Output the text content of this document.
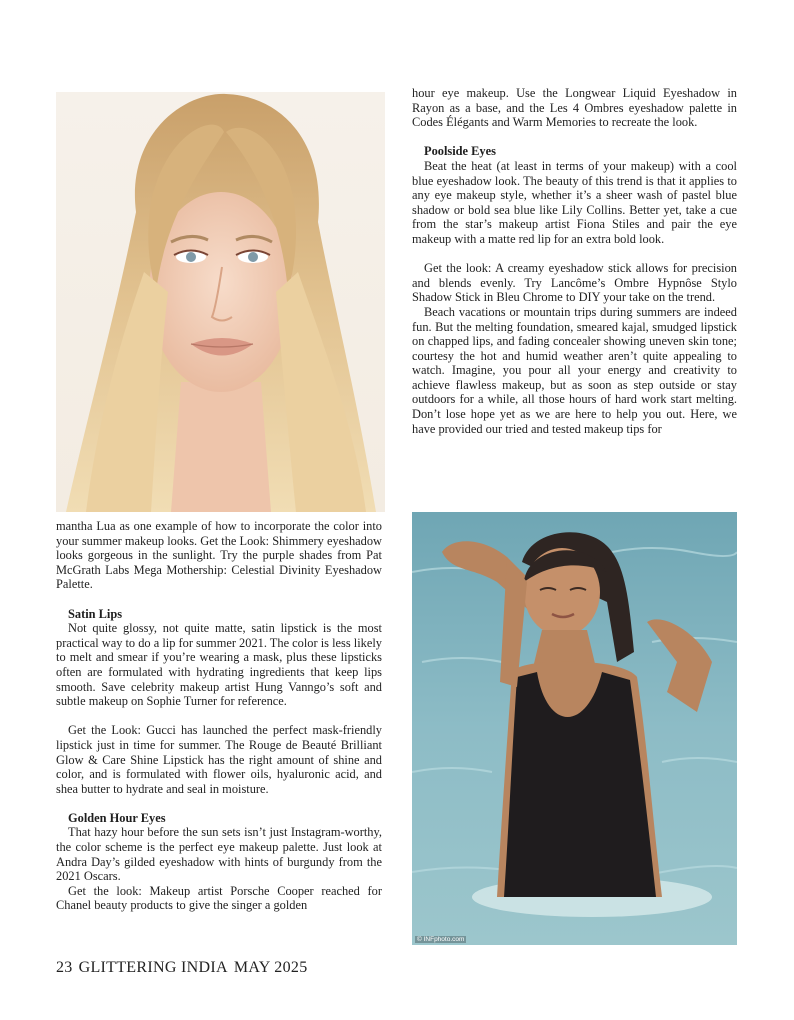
mantha Lua as one example of how to incorporate the color into your summer makeup looks. Get the Look: Shimmery eyeshadow looks gorgeous in the sunlight. Try the purple shades from Pat McGrath Labs Mega Mothership: Celestial Divinity Eyeshadow Palette.

Satin Lips

Not quite glossy, not quite matte, satin lipstick is the most practical way to do a lip for summer 2021. The color is less likely to melt and smear if you’re wearing a mask, plus these lipsticks often are formulated with hydrating ingredients that keep lips smooth. Save celebrity makeup artist Hung Vanngo’s soft and subtle makeup on Sophie Turner for reference.

Get the Look: Gucci has launched the perfect mask-friendly lipstick just in time for summer. The Rouge de Beauté Brilliant Glow & Care Shine Lipstick has the right amount of shine and color, and is formulated with flower oils, hyaluronic acid, and shea butter to hydrate and seal in moisture.

Golden Hour Eyes

That hazy hour before the sun sets isn’t just Instagram-worthy, the color scheme is the perfect eye makeup palette. Just look at Andra Day’s gilded eyeshadow with hints of burgundy from the 2021 Oscars.

Get the look: Makeup artist Porsche Cooper reached for Chanel beauty products to give the singer a golden

hour eye makeup. Use the Longwear Liquid Eyeshadow in Rayon as a base, and the Les 4 Ombres eyeshadow palette in Codes Élégants and Warm Memories to recreate the look.

Poolside Eyes

Beat the heat (at least in terms of your makeup) with a cool blue eyeshadow look. The beauty of this trend is that it applies to any eye makeup style, whether it’s a sheer wash of pastel blue shadow or bold sea blue like Lily Collins. Better yet, take a cue from the star’s makeup artist Fiona Stiles and pair the eye makeup with a matte red lip for an extra bold look.

Get the look: A creamy eyeshadow stick allows for precision and blends evenly. Try Lancôme’s Ombre Hypnôse Stylo Shadow Stick in Bleu Chrome to DIY your take on the trend.

Beach vacations or mountain trips during summers are indeed fun. But the melting foundation, smeared kajal, smudged lipstick on chapped lips, and fading concealer showing uneven skin tone; courtesy the hot and humid weather aren’t quite appealing to watch. Imagine, you pour all your energy and creativity to achieve flawless makeup, but as soon as step outside or stay outdoors for a while, all those hours of hard work start melting. Don’t lose hope yet as we are here to help you out. Here, we have provided our tried and tested makeup tips for

© INFphoto.com
23 GLITTERING INDIA MAY 2025
